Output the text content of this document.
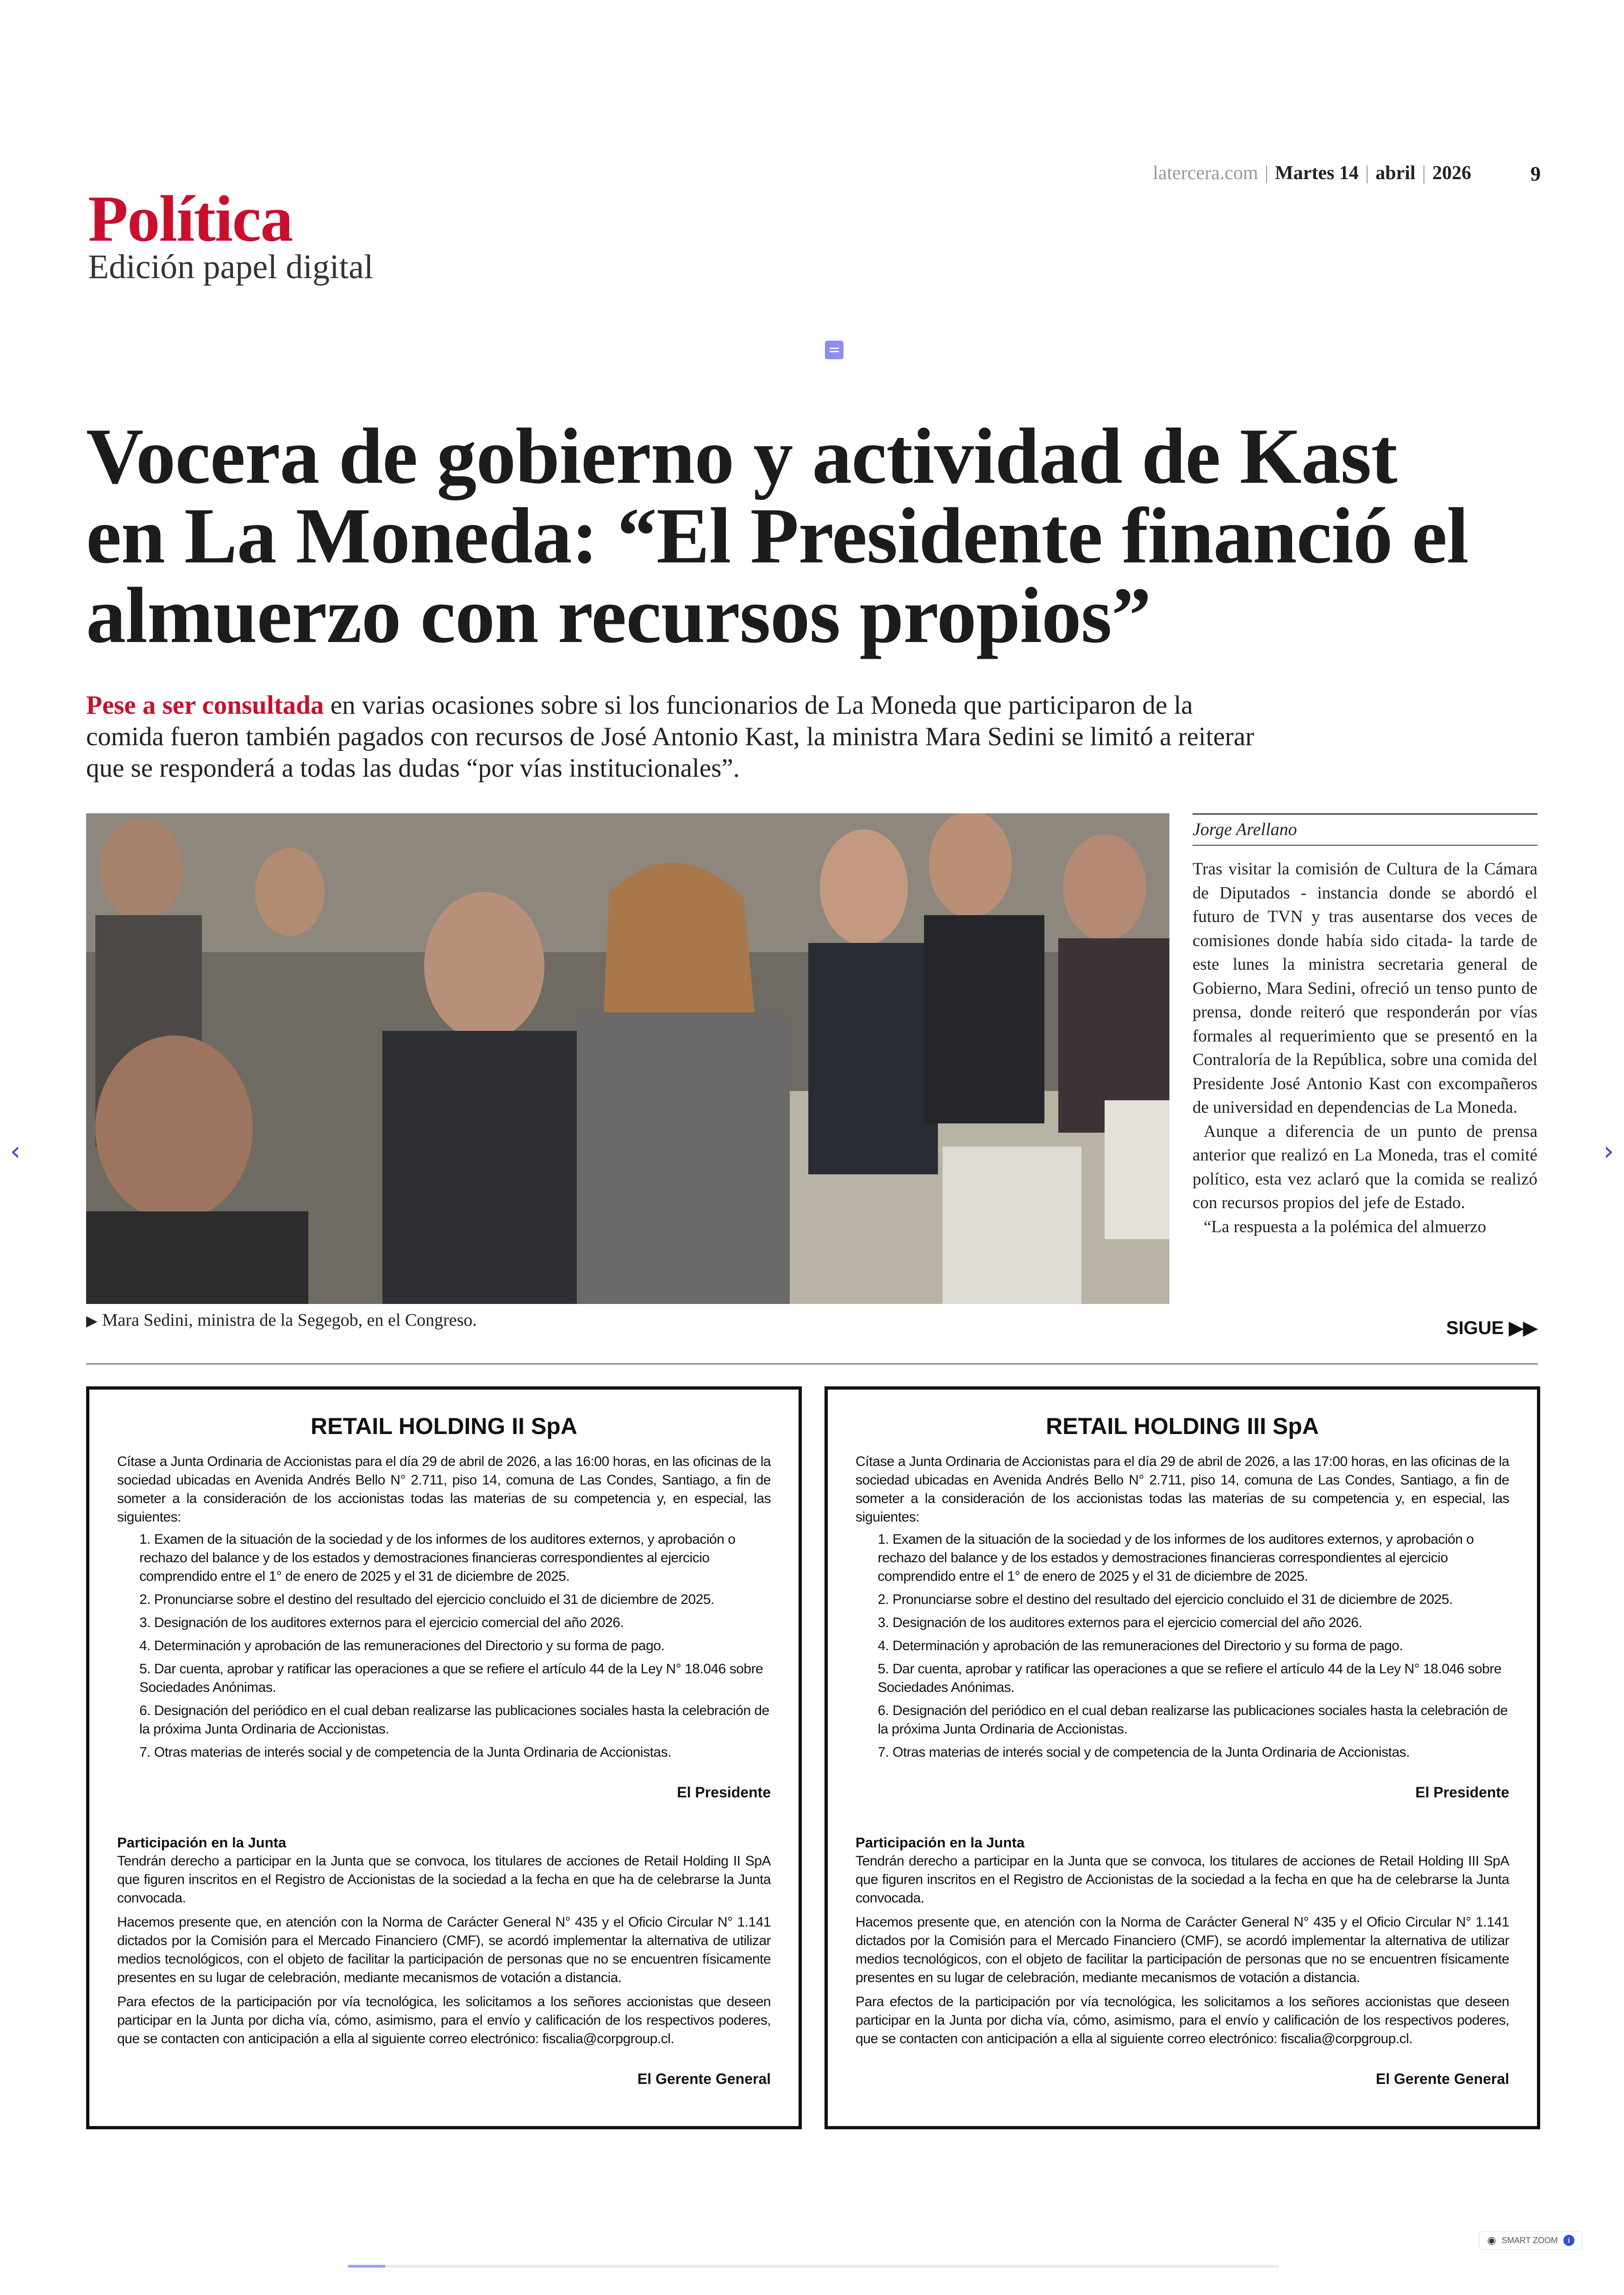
Política
Edición papel digital
latercera.com | Martes 14 | abril | 2026	9
Vocera de gobierno y actividad de Kast en La Moneda: “El Presidente financió el almuerzo con recursos propios”
Pese a ser consultada en varias ocasiones sobre si los funcionarios de La Moneda que participaron de la comida fueron también pagados con recursos de José Antonio Kast, la ministra Mara Sedini se limitó a reiterar que se responderá a todas las dudas “por vías institucionales”.
▶ Mara Sedini, ministra de la Segegob, en el Congreso.
Jorge Arellano

Tras visitar la comisión de Cultura de la Cámara de Diputados - instancia donde se abordó el futuro de TVN y tras ausentarse dos veces de comisiones donde había sido citada- la tarde de este lunes la ministra secretaria general de Gobierno, Mara Sedini, ofreció un tenso punto de prensa, donde reiteró que responderán por vías formales al requerimiento que se presentó en la Contraloría de la República, sobre una comida del Presidente José Antonio Kast con excompañeros de universidad en dependencias de La Moneda.

Aunque a diferencia de un punto de prensa anterior que realizó en La Moneda, tras el comité político, esta vez aclaró que la comida se realizó con recursos propios del jefe de Estado.

“La respuesta a la polémica del almuerzo

SIGUE ▶▶
RETAIL HOLDING II SpA

Cítase a Junta Ordinaria de Accionistas para el día 29 de abril de 2026, a las 16:00 horas, en las oficinas de la sociedad ubicadas en Avenida Andrés Bello N° 2.711, piso 14, comuna de Las Condes, Santiago, a fin de someter a la consideración de los accionistas todas las materias de su competencia y, en especial, las siguientes:

1. Examen de la situación de la sociedad y de los informes de los auditores externos, y aprobación o rechazo del balance y de los estados y demostraciones financieras correspondientes al ejercicio comprendido entre el 1° de enero de 2025 y el 31 de diciembre de 2025.
2. Pronunciarse sobre el destino del resultado del ejercicio concluido el 31 de diciembre de 2025.
3. Designación de los auditores externos para el ejercicio comercial del año 2026.
4. Determinación y aprobación de las remuneraciones del Directorio y su forma de pago.
5. Dar cuenta, aprobar y ratificar las operaciones a que se refiere el artículo 44 de la Ley N° 18.046 sobre Sociedades Anónimas.
6. Designación del periódico en el cual deban realizarse las publicaciones sociales hasta la celebración de la próxima Junta Ordinaria de Accionistas.
7. Otras materias de interés social y de competencia de la Junta Ordinaria de Accionistas.
El Presidente
Participación en la Junta

Tendrán derecho a participar en la Junta que se convoca, los titulares de acciones de Retail Holding II SpA que figuren inscritos en el Registro de Accionistas de la sociedad a la fecha en que ha de celebrarse la Junta convocada.

Hacemos presente que, en atención con la Norma de Carácter General N° 435 y el Oficio Circular N° 1.141 dictados por la Comisión para el Mercado Financiero (CMF), se acordó implementar la alternativa de utilizar medios tecnológicos, con el objeto de facilitar la participación de personas que no se encuentren físicamente presentes en su lugar de celebración, mediante mecanismos de votación a distancia.

Para efectos de la participación por vía tecnológica, les solicitamos a los señores accionistas que deseen participar en la Junta por dicha vía, cómo, asimismo, para el envío y calificación de los respectivos poderes, que se contacten con anticipación a ella al siguiente correo electrónico: fiscalia@corpgroup.cl.

El Gerente General
RETAIL HOLDING III SpA

Cítase a Junta Ordinaria de Accionistas para el día 29 de abril de 2026, a las 17:00 horas, en las oficinas de la sociedad ubicadas en Avenida Andrés Bello N° 2.711, piso 14, comuna de Las Condes, Santiago, a fin de someter a la consideración de los accionistas todas las materias de su competencia y, en especial, las siguientes:

1. Examen de la situación de la sociedad y de los informes de los auditores externos, y aprobación o rechazo del balance y de los estados y demostraciones financieras correspondientes al ejercicio comprendido entre el 1° de enero de 2025 y el 31 de diciembre de 2025.
2. Pronunciarse sobre el destino del resultado del ejercicio concluido el 31 de diciembre de 2025.
3. Designación de los auditores externos para el ejercicio comercial del año 2026.
4. Determinación y aprobación de las remuneraciones del Directorio y su forma de pago.
5. Dar cuenta, aprobar y ratificar las operaciones a que se refiere el artículo 44 de la Ley N° 18.046 sobre Sociedades Anónimas.
6. Designación del periódico en el cual deban realizarse las publicaciones sociales hasta la celebración de la próxima Junta Ordinaria de Accionistas.
7. Otras materias de interés social y de competencia de la Junta Ordinaria de Accionistas.
El Presidente
Participación en la Junta

Tendrán derecho a participar en la Junta que se convoca, los titulares de acciones de Retail Holding III SpA que figuren inscritos en el Registro de Accionistas de la sociedad a la fecha en que ha de celebrarse la Junta convocada.

Hacemos presente que, en atención con la Norma de Carácter General N° 435 y el Oficio Circular N° 1.141 dictados por la Comisión para el Mercado Financiero (CMF), se acordó implementar la alternativa de utilizar medios tecnológicos, con el objeto de facilitar la participación de personas que no se encuentren físicamente presentes en su lugar de celebración, mediante mecanismos de votación a distancia.

Para efectos de la participación por vía tecnológica, les solicitamos a los señores accionistas que deseen participar en la Junta por dicha vía, cómo, asimismo, para el envío y calificación de los respectivos poderes, que se contacten con anticipación a ella al siguiente correo electrónico: fiscalia@corpgroup.cl.

El Gerente General
‹	›
◉ SMART ZOOM	i
